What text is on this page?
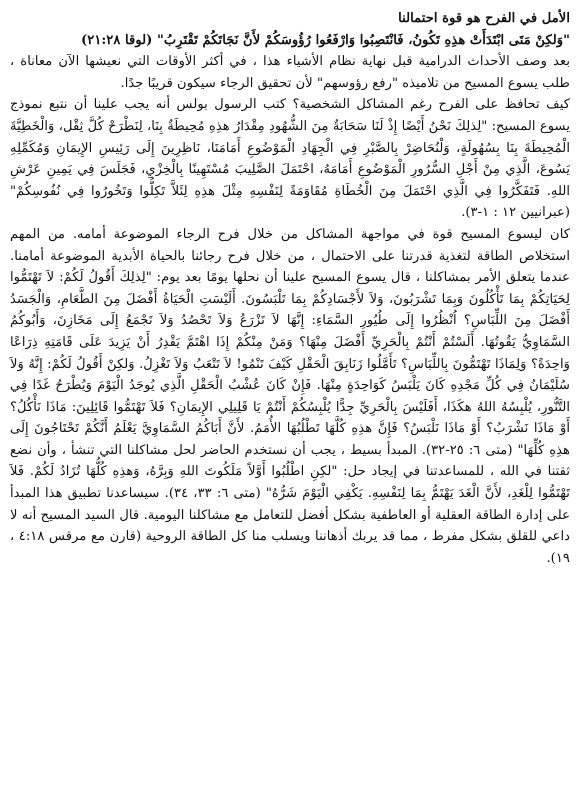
الأمل في الفرح هو قوة احتمالنا

"وَلكِنْ مَتَى ابْتَدَأَتْ هذِهِ تَكُونُ، فَانْتَصِبُوا وَارْفَعُوا رُؤُوسَكُمْ لأَنَّ نَجَاتَكُمْ تَقْتَرِبُ" (لوقا ٢١:٢٨)

بعد وصف الأحداث الدرامية قبل نهاية نظام الأشياء هذا ، في أكثر الأوقات التي نعيشها الآن معاناة ، طلب يسوع المسيح من تلاميذه "رفع رؤوسهم" لأن تحقيق الرجاء سيكون قريبًا جدًا.

كيف تحافظ على الفرح رغم المشاكل الشخصية؟ كتب الرسول بولس أنه يجب علينا أن نتبع نموذج يسوع المسيح: "لِذلِكَ نَحْنُ أَيْضًا إِذْ لَنَا سَحَابَةٌ مِنَ الشُّهُودِ مِقْدَارُ هذِهِ مُحِيطَةٌ بِنَا، لِنَطْرَحْ كُلَّ ثِقْل، وَالْخَطِيَّةَ الْمُحِيطَةَ بِنَا بِسُهُولَةٍ، وَلْنُحَاضِرْ بِالصَّبْرِ فِي الْجِهَادِ الْمَوْضُوعِ أَمَامَنَا، نَاظِرِينَ إِلَى رَئِيسِ الإِيمَانِ وَمُكَمِّلِهِ يَسُوعَ، الَّذِي مِنْ أَجْلِ السُّرُورِ الْمَوْضُوعِ أَمَامَهُ، احْتَمَلَ الصَّلِيبَ مُسْتَهِينًا بِالْخِزْيِ، فَجَلَسَ فِي يَمِينِ عَرْشِ اللهِ. فَتَفَكَّرُوا فِي الَّذِي احْتَمَلَ مِنَ الْخُطَاةِ مُقَاوَمَةً لِنَفْسِهِ مِثْلَ هذِهِ لِئَلاَّ تَكِلُّوا وَتَخُورُوا فِي نُفُوسِكُمْ" (عبرانيين ١٢ : ١-٣).

كان ليسوع المسيح قوة في مواجهة المشاكل من خلال فرح الرجاء الموضوعة أمامه. من المهم استخلاص الطاقة لتغذية قدرتنا على الاحتمال ، من خلال فرح رجائنا بالحياة الأبدية الموضوعة أمامنا. عندما يتعلق الأمر بمشاكلنا ، قال يسوع المسيح علينا أن نحلها يومًا بعد يوم: "لِذلِكَ أَقُولُ لَكُمْ: لاَ تَهْتَمُّوا لِحَيَاتِكُمْ بِمَا تَأْكُلُونَ وَبِمَا تَشْرَبُونَ، وَلاَ لأَجْسَادِكُمْ بِمَا تَلْبَسُونَ. أَلَيْسَتِ الْحَيَاةُ أَفْضَلَ مِنَ الطَّعَامِ، وَالْجَسَدُ أَفْضَلَ مِنَ اللِّبَاسِ؟ اُنْظُرُوا إِلَى طُيُورِ السَّمَاءِ: إِنَّهَا لاَ تَزْرَعُ وَلاَ تَحْصُدُ وَلاَ تَجْمَعُ إِلَى مَخَازِنَ، وَأَبُوكُمُ السَّمَاوِيُّ يَقُوتُهَا. أَلَسْتُمْ أَنْتُمْ بِالْحَرِيِّ أَفْضَلَ مِنْهَا؟ وَمَنْ مِنْكُمْ إِذَا اهْتَمَّ يَقْدِرُ أَنْ يَزِيدَ عَلَى قَامَتِهِ ذِرَاعًا وَاحِدَةً؟ وَلِمَاذَا تَهْتَمُّونَ بِاللِّبَاسِ؟ تَأَمَّلُوا زَنَابِقَ الْحَقْلِ كَيْفَ تَنْمُو! لاَ تَتْعَبُ وَلاَ تَغْزِلُ. وَلكِنْ أَقُولُ لَكُمْ: إِنَّهُ وَلاَ سُلَيْمَانُ فِي كُلِّ مَجْدِهِ كَانَ يَلْبَسُ كَوَاحِدَةٍ مِنْهَا. فَإِنْ كَانَ عُشْبُ الْحَقْلِ الَّذِي يُوجَدُ الْيَوْمَ وَيُطْرَحُ غَدًا فِي التَّنُّورِ، يُلْبِسُهُ اللهُ هكَذَا، أَفَلَيْسَ بِالْحَرِيِّ جِدًّا يُلْبِسُكُمْ أَنْتُمْ يَا قَلِيلِي الإِيمَانِ؟ فَلاَ تَهْتَمُّوا قَائِلِينَ: مَاذَا نَأْكُلُ؟ أَوْ مَاذَا نَشْرَبُ؟ أَوْ مَاذَا نَلْبَسُ؟ فَإِنَّ هذِهِ كُلَّهَا تَطْلُبُهَا الأُمَمُ. لأَنَّ أَبَاكُمُ السَّمَاوِيَّ يَعْلَمُ أَنَّكُمْ تَحْتَاجُونَ إِلَى هذِهِ كُلِّهَا" (متى ٦: ٢٥-٣٢). المبدأ بسيط ، يجب أن نستخدم الحاضر لحل مشاكلنا التي تنشأ ، وأن نضع ثقتنا في الله ، للمساعدتنا في إيجاد حل: "لكِنِ اطْلُبُوا أَوَّلاً مَلَكُوتَ اللهِ وَبِرَّهُ، وَهذِهِ كُلُّهَا تُزَادُ لَكُمْ. فَلاَ تَهْتَمُّوا لِلْغَدِ، لأَنَّ الْغَدَ يَهْتَمُّ بِمَا لِنَفْسِهِ. يَكْفِي الْيَوْمَ شَرُّهُ" (متى ٦: ٣٣، ٣٤). سيساعدنا تطبيق هذا المبدأ على إدارة الطاقة العقلية أو العاطفية بشكل أفضل للتعامل مع مشاكلنا اليومية. قال السيد المسيح أنه لا داعي للقلق بشكل مفرط ، مما قد يربك أذهاننا ويسلب منا كل الطاقة الروحية (قارن مع مرقس ٤:١٨ ، ١٩).
